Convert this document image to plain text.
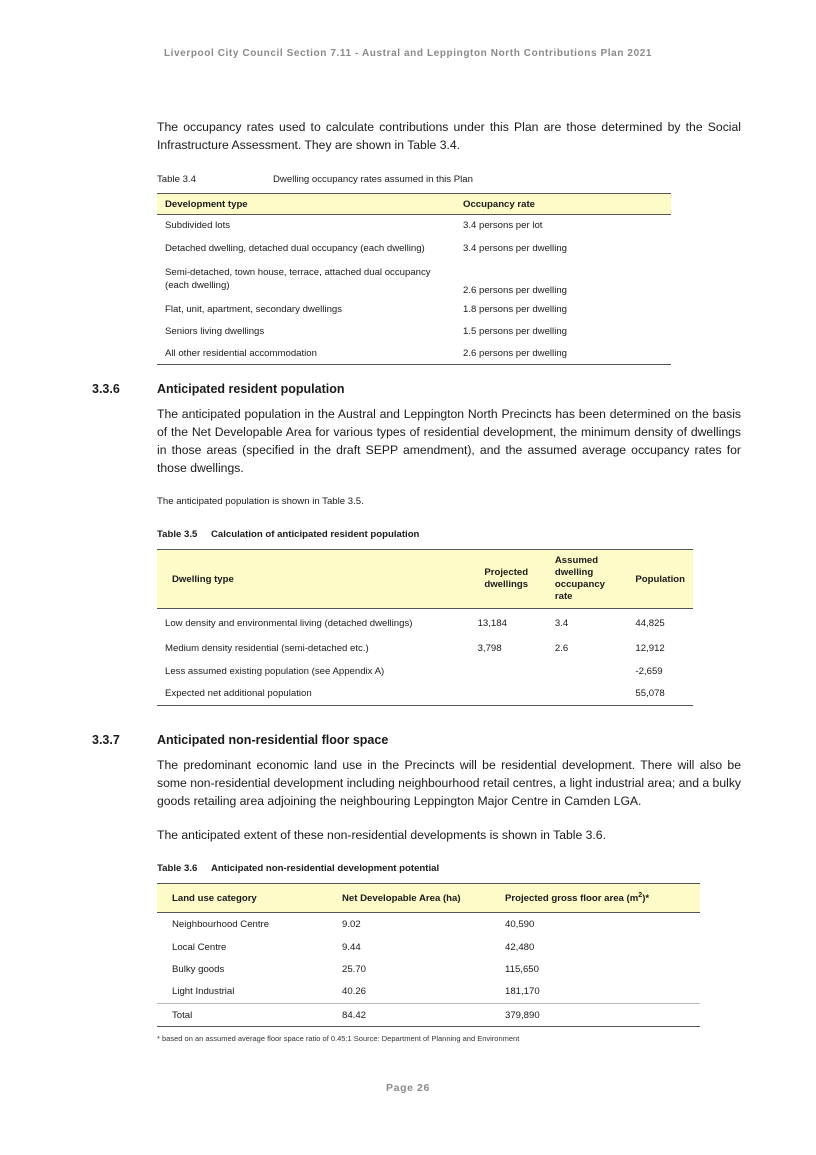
Liverpool City Council Section 7.11 - Austral and Leppington North Contributions Plan 2021
The occupancy rates used to calculate contributions under this Plan are those determined by the Social Infrastructure Assessment. They are shown in Table 3.4.
Table 3.4	Dwelling occupancy rates assumed in this Plan
Development type	Occupancy rate
Subdivided lots	3.4 persons per lot
Detached dwelling, detached dual occupancy (each dwelling)	3.4 persons per dwelling
Semi-detached, town house, terrace, attached dual occupancy (each dwelling)	2.6 persons per dwelling
Flat, unit, apartment, secondary dwellings	1.8 persons per dwelling
Seniors living dwellings	1.5 persons per dwelling
All other residential accommodation	2.6 persons per dwelling
3.3.6	Anticipated resident population
The anticipated population in the Austral and Leppington North Precincts has been determined on the basis of the Net Developable Area for various types of residential development, the minimum density of dwellings in those areas (specified in the draft SEPP amendment), and the assumed average occupancy rates for those dwellings.
The anticipated population is shown in Table 3.5.
Table 3.5 Calculation of anticipated resident population
Dwelling type	Projected dwellings	Assumed dwelling occupancy rate	Population
Low density and environmental living (detached dwellings)	13,184	3.4	44,825
Medium density residential (semi-detached etc.)	3,798	2.6	12,912
Less assumed existing population (see Appendix A)			-2,659
Expected net additional population			55,078
3.3.7	Anticipated non-residential floor space
The predominant economic land use in the Precincts will be residential development. There will also be some non-residential development including neighbourhood retail centres, a light industrial area; and a bulky goods retailing area adjoining the neighbouring Leppington Major Centre in Camden LGA.
The anticipated extent of these non-residential developments is shown in Table 3.6.
Table 3.6 Anticipated non-residential development potential
Land use category	Net Developable Area (ha)	Projected gross floor area $(m^2)*$
Neighbourhood Centre	9.02	40,590
Local Centre	9.44	42,480
Bulky goods	25.70	115,650
Light Industrial	40.26	181,170
Total	84.42	379,890
* based on an assumed average floor space ratio of 0.45:1 Source: Department of Planning and Environment
Page 26
